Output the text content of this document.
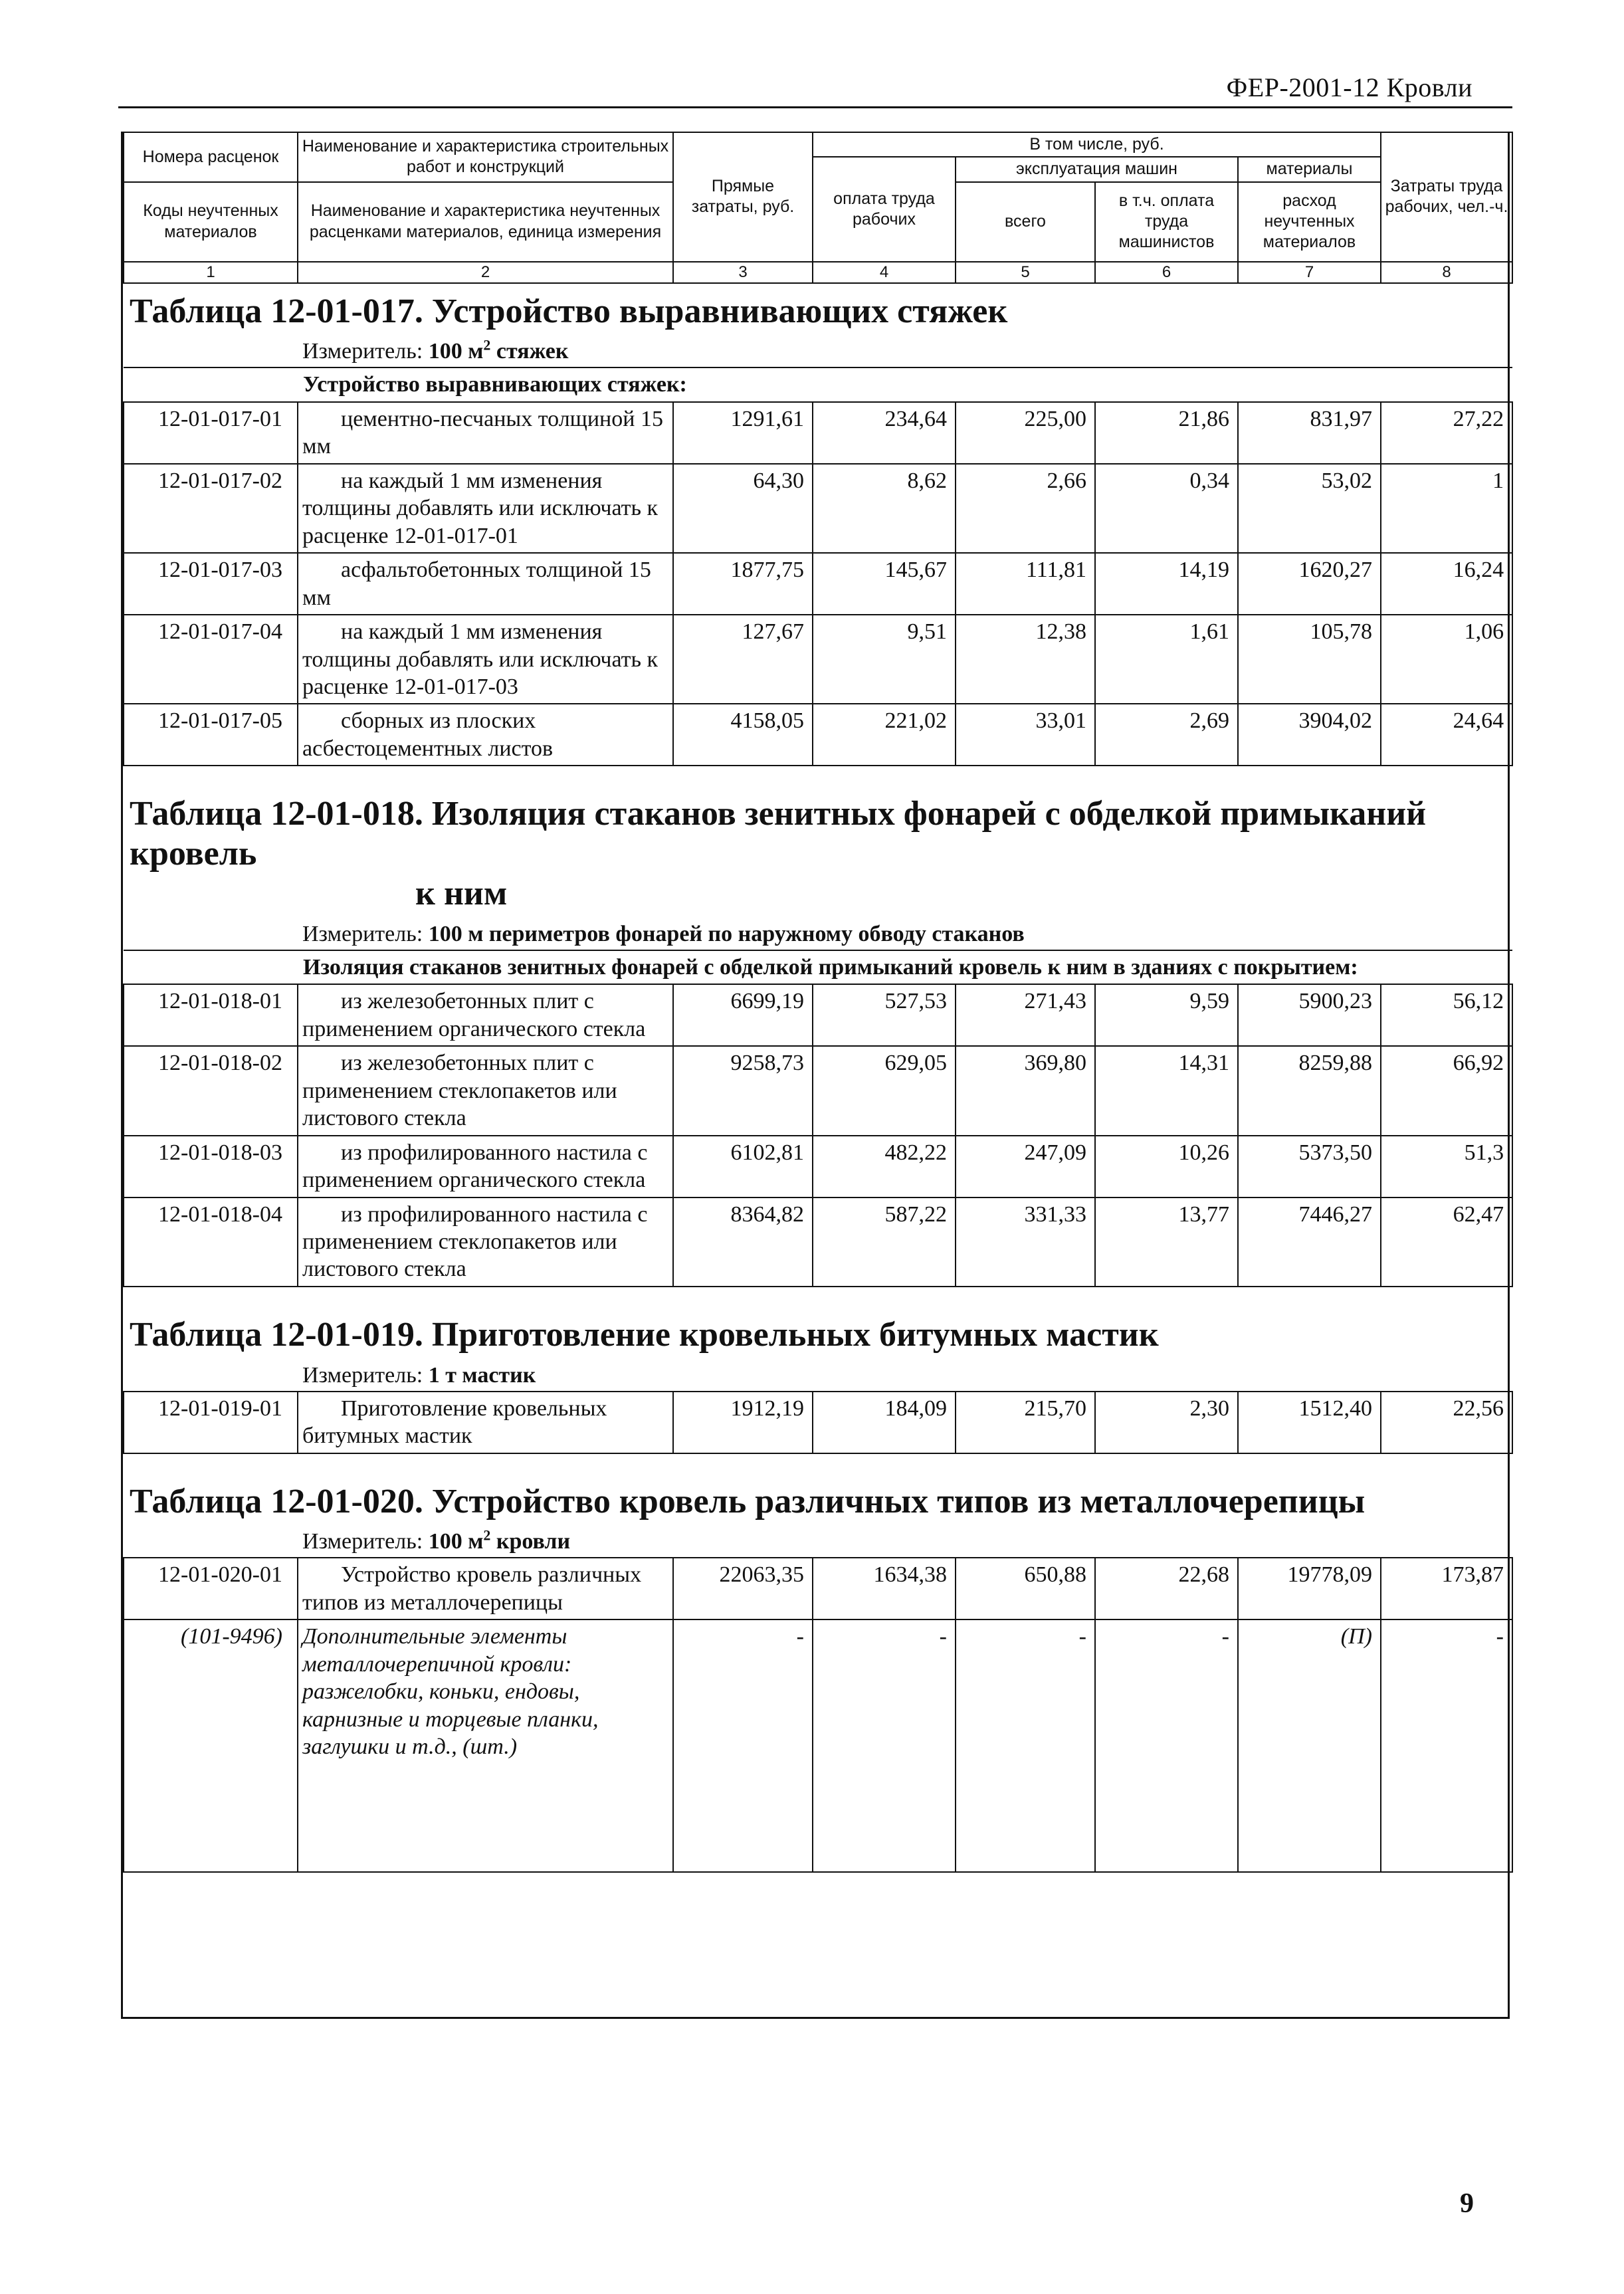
ФЕР-2001-12 Кровли
Номера расценок	Наименование и характеристика строительных работ и конструкций	Прямые затраты, руб.	В том числе, руб.				Затраты труда рабочих, чел.-ч.
			оплата труда рабочих	эксплуатация машин		материалы	
Коды неучтенных материалов	Наименование и характеристика неучтенных расценками материалов, единица измерения			всего	в т.ч. оплата труда машинистов	расход неучтенных материалов	

1	2	3	4	5	6	7	8
Таблица 12-01-017. Устройство выравнивающих стяжек
Измеритель: 100 $м^2$ стяжек
Устройство выравнивающих стяжек:							
12-01-017-01	цементно-песчаных толщиной 15 мм	1291,61	234,64	225,00	21,86	831,97	27,22
12-01-017-02	на каждый 1 мм изменения толщины добавлять или исключать к расценке 12-01-017-01	64,30	8,62	2,66	0,34	53,02	1
12-01-017-03	асфальтобетонных толщиной 15 мм	1877,75	145,67	111,81	14,19	1620,27	16,24
12-01-017-04	на каждый 1 мм изменения толщины добавлять или исключать к расценке 12-01-017-03	127,67	9,51	12,38	1,61	105,78	1,06
12-01-017-05	сборных из плоских асбестоцементных листов	4158,05	221,02	33,01	2,69	3904,02	24,64
Таблица 12-01-018. Изоляция стаканов зенитных фонарей с обделкой примыканий кровель
к ним
Измеритель: 100 м периметров фонарей по наружному обводу стаканов
Изоляция стаканов зенитных фонарей с обделкой примыканий кровель к ним в зданиях с покрытием:							
12-01-018-01	из железобетонных плит с применением органического стекла	6699,19	527,53	271,43	9,59	5900,23	56,12
12-01-018-02	из железобетонных плит с применением стеклопакетов или листового стекла	9258,73	629,05	369,80	14,31	8259,88	66,92
12-01-018-03	из профилированного настила с применением органического стекла	6102,81	482,22	247,09	10,26	5373,50	51,3
12-01-018-04	из профилированного настила с применением стеклопакетов или листового стекла	8364,82	587,22	331,33	13,77	7446,27	62,47
Таблица 12-01-019. Приготовление кровельных битумных мастик
Измеритель: 1 т мастик
12-01-019-01	Приготовление кровельных битумных мастик	1912,19	184,09	215,70	2,30	1512,40	22,56
Таблица 12-01-020. Устройство кровель различных типов из металлочерепицы
Измеритель: 100 $м^2$ кровли
12-01-020-01	Устройство кровель различных типов из металлочерепицы	22063,35	1634,38	650,88	22,68	19778,09	173,87
(101-9496)	Дополнительные элементы металлочерепичной кровли: разжелобки, коньки, ендовы, карнизные и торцевые планки, заглушки и т.д., (шт.)	-	-	-	-	(П)	-
9
